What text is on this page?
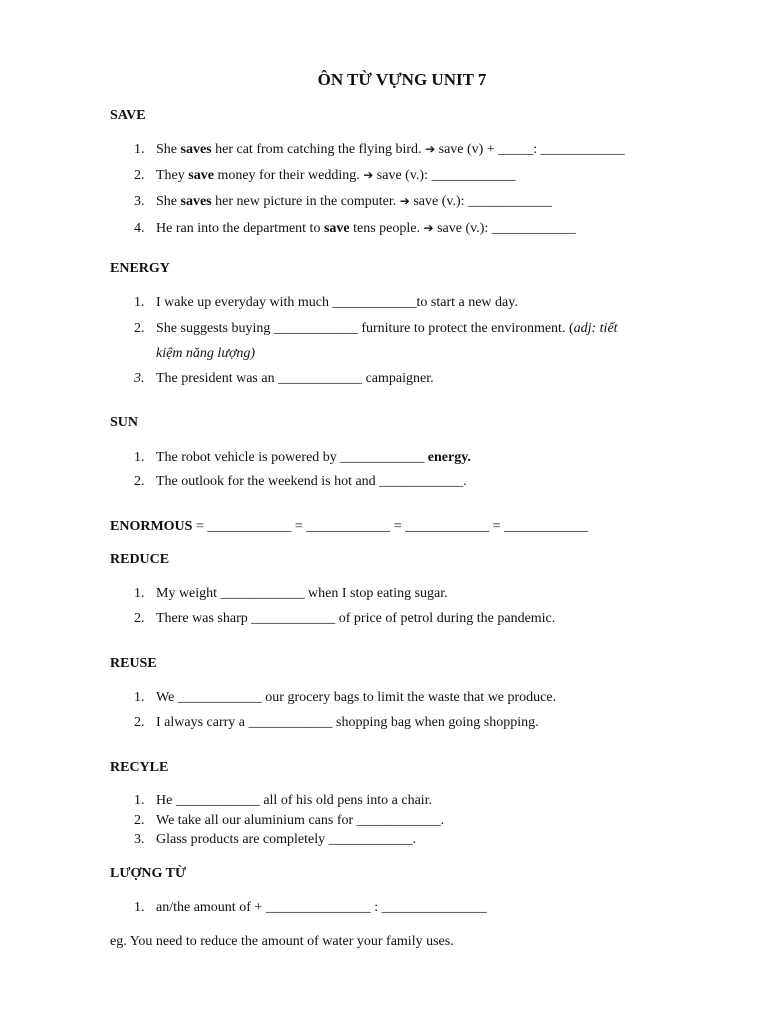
ÔN TỪ VỰNG UNIT 7
SAVE
1. She saves her cat from catching the flying bird. ➔ save (v) + _____: ____________
2. They save money for their wedding. ➔ save (v.): ____________
3. She saves her new picture in the computer. ➔ save (v.): ____________
4. He ran into the department to save tens people. ➔ save (v.): ____________
ENERGY
1. I wake up everyday with much ____________to start a new day.
2. She suggests buying ____________ furniture to protect the environment. (adj: tiết
kiệm năng lượng)
3. The president was an ____________ campaigner.
SUN
1. The robot vehicle is powered by ____________ energy.
2. The outlook for the weekend is hot and ____________.
ENORMOUS = ____________ = ____________ = ____________ = ____________
REDUCE
1. My weight ____________ when I stop eating sugar.
2. There was sharp ____________ of price of petrol during the pandemic.
REUSE
1. We ____________ our grocery bags to limit the waste that we produce.
2. I always carry a ____________ shopping bag when going shopping.
RECYLE
1. He ____________ all of his old pens into a chair.
2. We take all our aluminium cans for ____________.
3. Glass products are completely ____________.
LƯỢNG TỪ
1. an/the amount of + _______________ : _______________
eg. You need to reduce the amount of water your family uses.
